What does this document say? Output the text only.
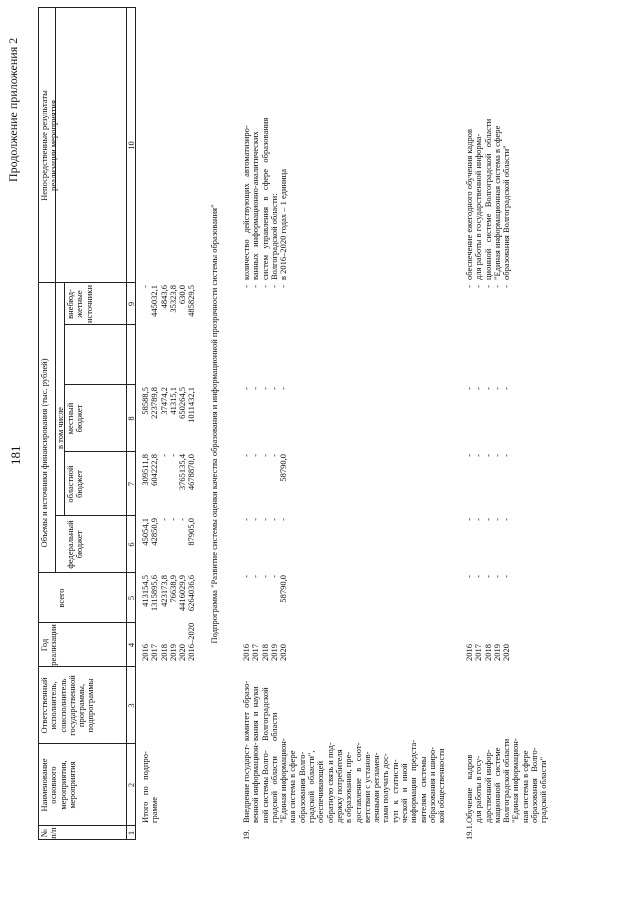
№
п/п
Наименование
основного
мероприятия,
мероприятия
Ответственный
исполнитель,
соисполнитель
государственной
программы,
подпрограммы
Год
реализации
Объемы и источники финансирования (тыс. рублей)
всего
в том числе
федеральный
бюджет
областной
бюджет
местный
бюджет
внебюд-
жетные
источники
Непосредственные результаты
реализации мероприятия
1
2
3
4
5
6
7
8
9
10
Итого   по   подпро-
грамме
2016
2017
2018
2019
2020
2016–2020
413154,5
1315895,6
423173,8
76638,9
4416029,9
6264036,6
45054,1
42850,9
-
-
-
87905,0
309511,8
604222,8
-
-
3765135,4
4678870,0
58588,5
223789,8
37474,2
41315,1
650264,5
1011432,1
-
445032,1
4843,6
35323,8
630,0
485829,5 Подпрограмма "Развитие системы оценки качества образования и информационной прозрачности системы образования"
19.
Внедрение государст-
венной информацион-
ной системы Волго-
градской   области
"Единая информацион-
ная система в сфере
образования Волго-
градской   области",
обеспечивающей
обратную связь и под-
держку потребителя
в образовании, пре-
доставление   в   соот-
ветствии с установ-
ленными регламен-
тами получать дос-
туп   к   статисти-
ческой   и   иной
информации   предста-
вителям   системы
образования и широ-
кой общественности
комитет  образо-
вания  и  науки
Волгоградской
области
2016
2017
2018
2019
2020
-
-
-
-
58790,0
-
-
-
-
-
-
-
-
-
58790,0
-
-
-
-
-
-
-
-
-
-
количество   действующих   автоматизиро-
ванных   информационно-аналитических
систем   управления   в   сфере   образования
Волгоградской области:
в 2016–2020 годах – 1 единица
19.1.
Обучение    кадров
для работы в госу-
дарственной инфор-
мационной   системе
Волгоградской области
"Единая информацион-
ная система в сфере
образования   Волго-
градской области"
2016
2017
2018
2019
2020
-
-
-
-
-
-
-
-
-
-
-
-
-
-
-
-
-
-
-
-
-
-
-
-
-
обеспечение ежегодного обучения кадров
для работы в государственной информа-
ционной   системе   Волгоградской   области
"Единая информационная система в сфере
образования Волгоградской области"
181
Продолжение приложения 2
